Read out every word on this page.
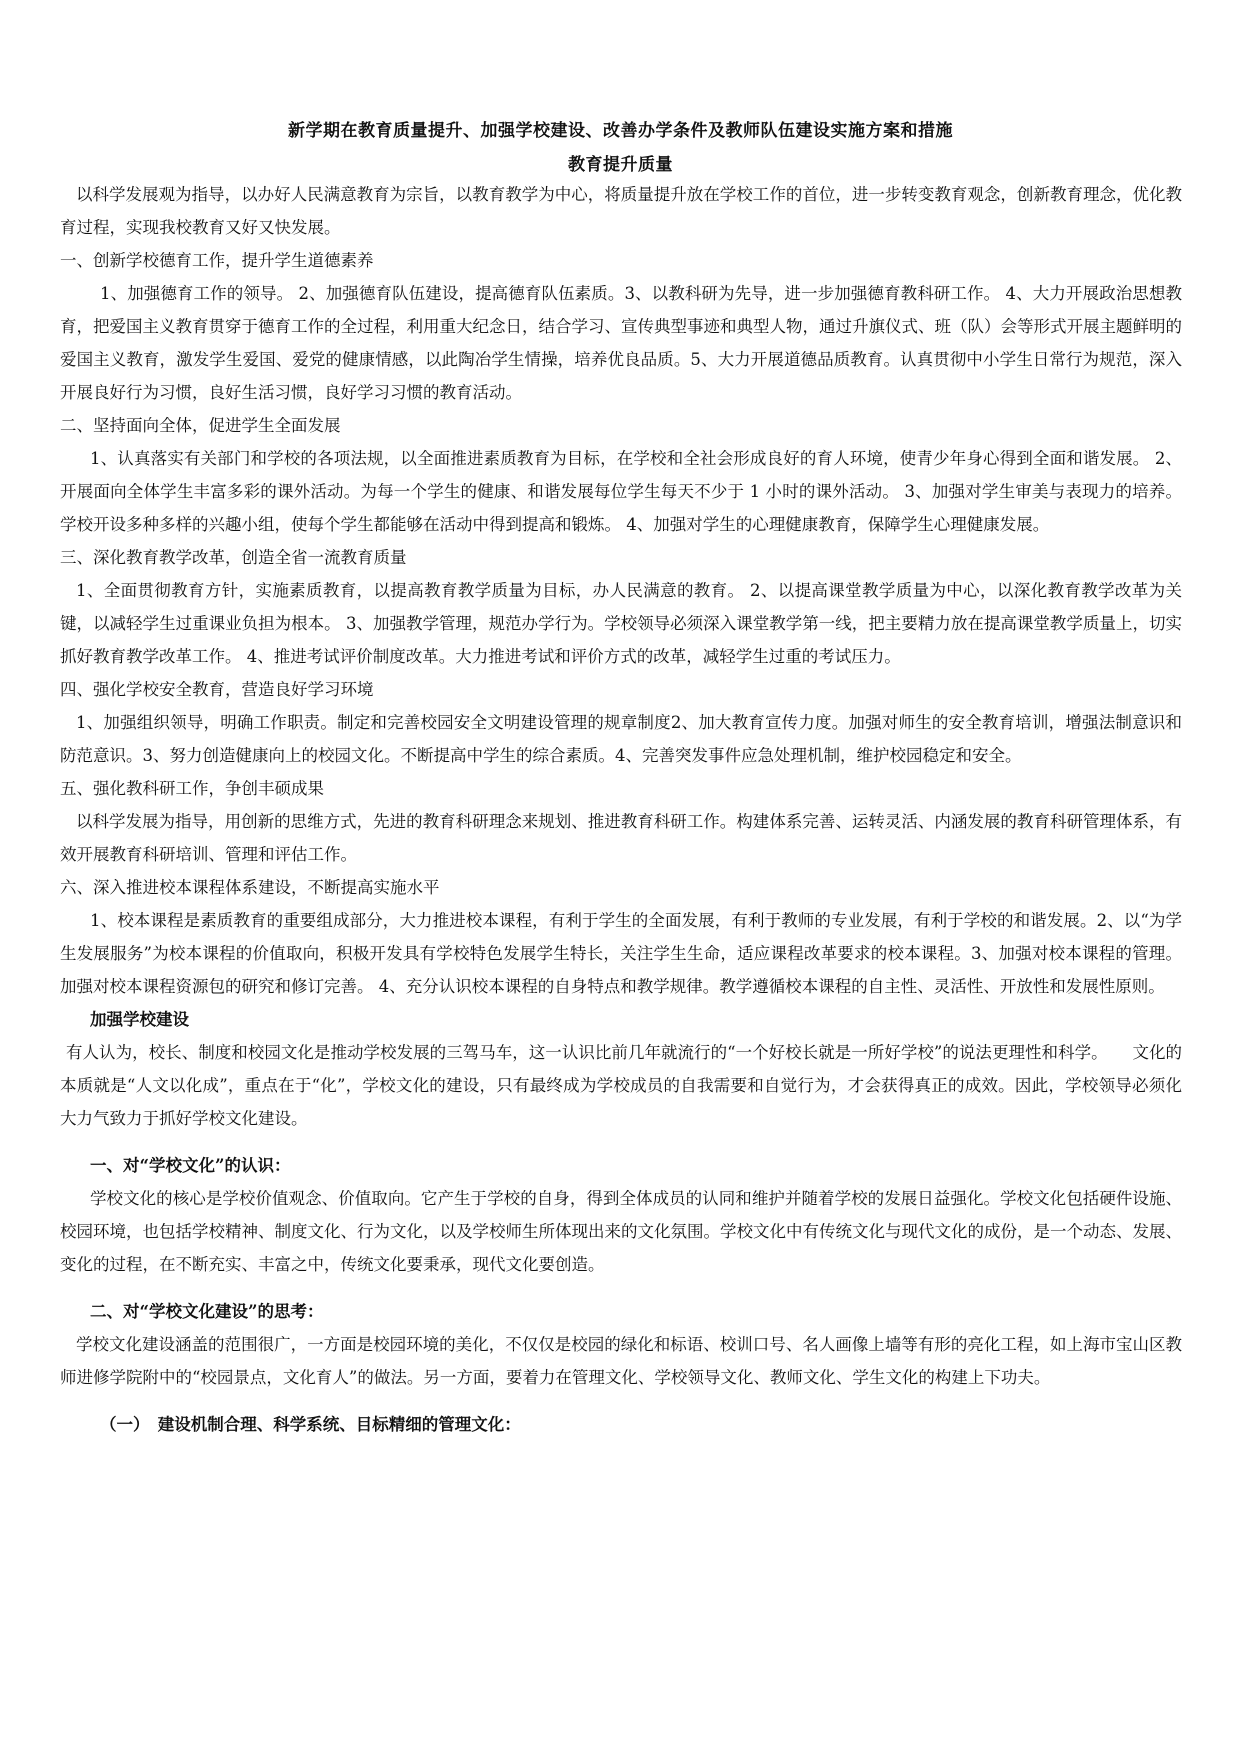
新学期在教育质量提升、加强学校建设、改善办学条件及教师队伍建设实施方案和措施
教育提升质量

以科学发展观为指导，以办好人民满意教育为宗旨，以教育教学为中心，将质量提升放在学校工作的首位，进一步转变教育观念，创新教育理念，优化教育过程，实现我校教育又好又快发展。

一、创新学校德育工作，提升学生道德素养

1、加强德育工作的领导。 2、加强德育队伍建设，提高德育队伍素质。3、以教科研为先导，进一步加强德育教科研工作。 4、大力开展政治思想教育，把爱国主义教育贯穿于德育工作的全过程，利用重大纪念日，结合学习、宣传典型事迹和典型人物，通过升旗仪式、班（队）会等形式开展主题鲜明的爱国主义教育，激发学生爱国、爱党的健康情感，以此陶冶学生情操，培养优良品质。5、大力开展道德品质教育。认真贯彻中小学生日常行为规范，深入开展良好行为习惯，良好生活习惯，良好学习习惯的教育活动。

二、坚持面向全体，促进学生全面发展

1、认真落实有关部门和学校的各项法规，以全面推进素质教育为目标，在学校和全社会形成良好的育人环境，使青少年身心得到全面和谐发展。 2、开展面向全体学生丰富多彩的课外活动。为每一个学生的健康、和谐发展每位学生每天不少于 1 小时的课外活动。 3、加强对学生审美与表现力的培养。学校开设多种多样的兴趣小组，使每个学生都能够在活动中得到提高和锻炼。 4、加强对学生的心理健康教育，保障学生心理健康发展。

三、深化教育教学改革，创造全省一流教育质量

1、全面贯彻教育方针，实施素质教育，以提高教育教学质量为目标，办人民满意的教育。 2、以提高课堂教学质量为中心，以深化教育教学改革为关键，以减轻学生过重课业负担为根本。 3、加强教学管理，规范办学行为。学校领导必须深入课堂教学第一线，把主要精力放在提高课堂教学质量上，切实抓好教育教学改革工作。 4、推进考试评价制度改革。大力推进考试和评价方式的改革，减轻学生过重的考试压力。

四、强化学校安全教育，营造良好学习环境

1、加强组织领导，明确工作职责。制定和完善校园安全文明建设管理的规章制度2、加大教育宣传力度。加强对师生的安全教育培训，增强法制意识和防范意识。3、努力创造健康向上的校园文化。不断提高中学生的综合素质。4、完善突发事件应急处理机制，维护校园稳定和安全。

五、强化教科研工作，争创丰硕成果

以科学发展为指导，用创新的思维方式，先进的教育科研理念来规划、推进教育科研工作。构建体系完善、运转灵活、内涵发展的教育科研管理体系，有效开展教育科研培训、管理和评估工作。

六、深入推进校本课程体系建设，不断提高实施水平

1、校本课程是素质教育的重要组成部分，大力推进校本课程，有利于学生的全面发展，有利于教师的专业发展，有利于学校的和谐发展。2、以“为学生发展服务”为校本课程的价值取向，积极开发具有学校特色发展学生特长，关注学生生命，适应课程改革要求的校本课程。3、加强对校本课程的管理。加强对校本课程资源包的研究和修订完善。 4、充分认识校本课程的自身特点和教学规律。教学遵循校本课程的自主性、灵活性、开放性和发展性原则。

加强学校建设

有人认为，校长、制度和校园文化是推动学校发展的三驾马车，这一认识比前几年就流行的“一个好校长就是一所好学校”的说法更理性和科学。　　文化的本质就是“人文以化成”，重点在于“化”，学校文化的建设，只有最终成为学校成员的自我需要和自觉行为，才会获得真正的成效。因此，学校领导必须化大力气致力于抓好学校文化建设。

一、对“学校文化”的认识：

学校文化的核心是学校价值观念、价值取向。它产生于学校的自身，得到全体成员的认同和维护并随着学校的发展日益强化。学校文化包括硬件设施、校园环境，也包括学校精神、制度文化、行为文化，以及学校师生所体现出来的文化氛围。学校文化中有传统文化与现代文化的成份，是一个动态、发展、变化的过程，在不断充实、丰富之中，传统文化要秉承，现代文化要创造。

二、对“学校文化建设”的思考：

学校文化建设涵盖的范围很广，一方面是校园环境的美化，不仅仅是校园的绿化和标语、校训口号、名人画像上墙等有形的亮化工程，如上海市宝山区教师进修学院附中的“校园景点，文化育人”的做法。另一方面，要着力在管理文化、学校领导文化、教师文化、学生文化的构建上下功夫。

（一）　建设机制合理、科学系统、目标精细的管理文化：
